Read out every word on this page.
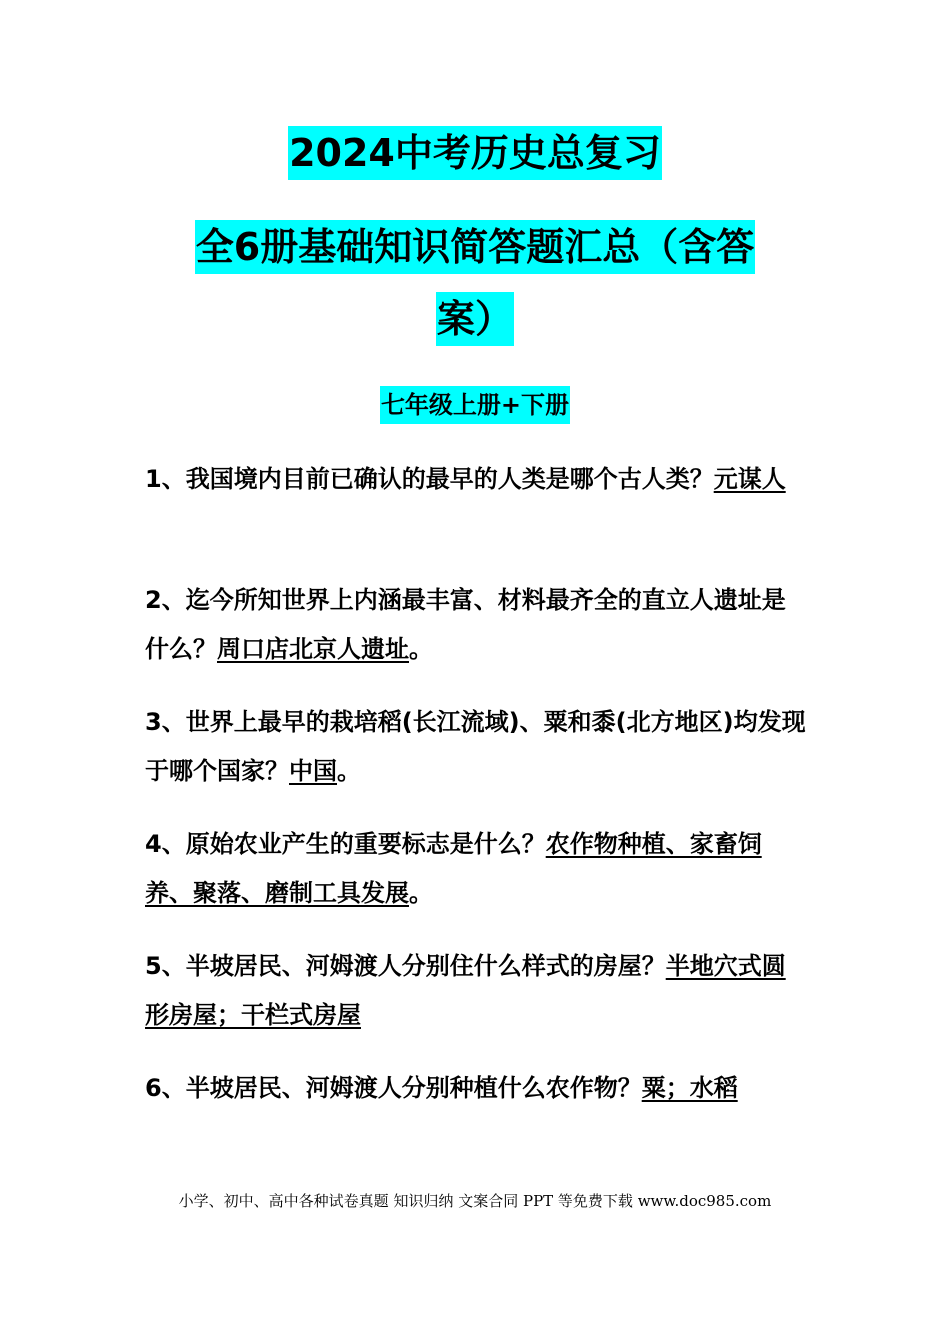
2024中考历史总复习
全6册基础知识简答题汇总（含答
案）
七年级上册+下册
1、我国境内目前已确认的最早的人类是哪个古人类？元谋人
2、迄今所知世界上内涵最丰富、材料最齐全的直立人遗址是什么？周口店北京人遗址。
3、世界上最早的栽培稻(长江流域)、粟和黍(北方地区)均发现于哪个国家？中国。
4、原始农业产生的重要标志是什么？农作物种植、家畜饲养、聚落、磨制工具发展。
5、半坡居民、河姆渡人分别住什么样式的房屋？半地穴式圆形房屋；干栏式房屋
6、半坡居民、河姆渡人分别种植什么农作物？粟；水稻
小学、初中、高中各种试卷真题 知识归纳 文案合同 PPT 等免费下载 www.doc985.com
